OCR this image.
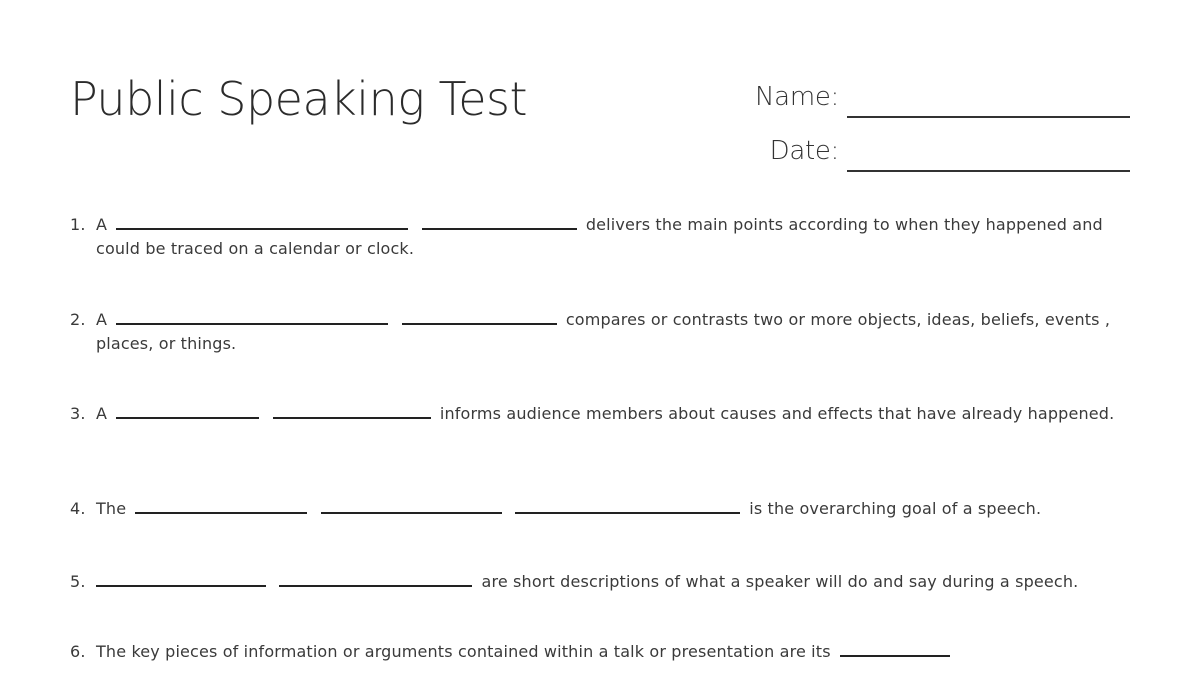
Public Speaking Test	Name:
Date:
1. A	delivers the main points according to when they happened and could be traced on a calendar or clock.
2. A	compares or contrasts two or more objects, ideas, beliefs, events , places, or things.
3. A	informs audience members about causes and effects that have already happened.
4. The	is the overarching goal of a speech.
5.	are short descriptions of what a speaker will do and say during a speech.
6. The key pieces of information or arguments contained within a talk or presentation are its
